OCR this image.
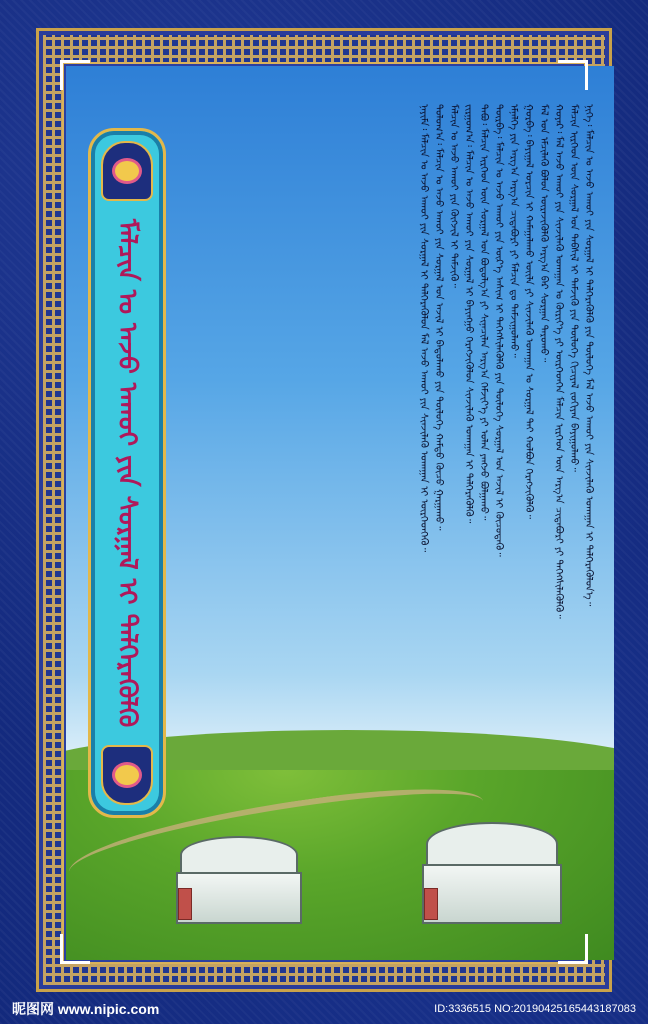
ᠮᠠᠯᠴᠢᠨ ᠤ ᠠᠵᠤ ᠠᠬᠤᠢ ᠶᠢᠨ ᠰᠤᠷᠭᠠᠯ ᠢ ᠳᠡᠯᠭᠡᠷᠡᠭᠦᠯᠬᠦ	ᠨᠢᠭᠡ᠄ ᠮᠠᠯᠴᠢᠨ ᠤ ᠠᠵᠤ ᠠᠬᠤᠢ ᠶᠢᠨ ᠰᠤᠷᠭᠠᠯ ᠢ ᠳᠡᠯᠭᠡᠷᠡᠭᠦᠯᠬᠦ ᠶᠢᠨ ᠲᠦᠯᠦᠭᠡ ᠮᠠᠯ ᠠᠵᠤ ᠠᠬᠤᠢ ᠶᠢᠨ ᠰᠢᠨᠵᠢᠯᠡᠬᠦ ᠤᠬᠠᠭᠠᠨ ᠢ ᠳᠡᠯᠭᠡᠷᠡᠭᠦᠯᠦᠨ᠎ᠡ᠃
ᠮᠠᠯᠴᠢᠨ ᠢᠷᠭᠡᠳ ᠦᠨ ᠰᠤᠷᠭᠠᠯ ᠤᠨ ᠳᠡᠪᠰᠢᠯ ᠢ ᠳᠡᠮᠵᠢᠬᠦ ᠶᠢᠨ ᠲᠦᠯᠦᠭᠡ ᠬᠢᠴᠢᠶᠡᠯ ᠵᠤᠬᠢᠶᠠᠨ ᠪᠠᠶᠢᠭᠤᠯᠬᠤ᠃
ᠬᠣᠶᠠᠷ᠄ ᠮᠠᠯ ᠠᠵᠤ ᠠᠬᠤᠢ ᠶᠢᠨ ᠰᠢᠨᠵᠢᠯᠡᠬᠦ ᠤᠬᠠᠭᠠᠨ ᠤ ᠬᠦᠷᠢᠶ᠎ᠡ ᠶᠢ ᠦᠷᠭᠡᠳᠬᠡᠨ ᠮᠠᠯᠴᠢᠨ ᠢᠷᠭᠡᠳ ᠦᠨ ᠠᠷᠭ᠎ᠠ ᠴᠢᠳᠠᠪᠤᠷᠢ ᠶᠢ ᠳᠡᠭᠡᠭᠰᠢᠯᠡᠭᠦᠯᠬᠦ᠃
ᠮᠠᠯ ᠤᠨ ᠡᠮᠴᠢᠯᠡᠬᠦ ᠪᠤᠯᠤᠨ ᠦᠷᠡᠵᠢᠭᠦᠯᠬᠦ ᠠᠷᠭ᠎ᠠ ᠪᠠᠷ ᠰᠤᠷᠭᠠᠨ ᠳᠠᠷᠤᠬᠤ᠃
ᠭᠤᠷᠪᠠ᠄ ᠪᠠᠶᠢᠭᠠᠯ ᠣᠷᠴᠢᠨ ᠢ ᠬᠠᠮᠠᠭᠠᠯᠠᠬᠤ ᠦᠢᠯᠡ ᠶᠢ ᠰᠢᠨᠵᠢᠯᠡᠬᠦ ᠤᠬᠠᠭᠠᠨ ᠤ ᠰᠤᠷᠭᠠᠯ ᠲᠠᠢ ᠬᠣᠯᠪᠤᠨ ᠬᠡᠷᠡᠭᠵᠢᠭᠦᠯᠬᠦ᠃
ᠡᠮᠨᠡᠯᠭᠡ ᠶᠢᠨ ᠠᠷᠭ᠎ᠠ ᠠᠷᠭ᠎ᠠ ᠴᠢᠳᠠᠪᠤᠷᠢ ᠶᠢ ᠮᠠᠯᠴᠢᠨ ᠳᠤ ᠳᠠᠮᠵᠢᠭᠤᠯᠬᠤ᠃
ᠳᠦᠷᠪᠡ᠄ ᠮᠠᠯᠴᠢᠨ ᠤ ᠠᠵᠤ ᠠᠬᠤᠢ ᠶᠢᠨ ᠦᠷ᠎ᠡ ᠠᠰᠢᠭ ᠢ ᠳᠡᠭᠡᠭᠰᠢᠯᠡᠭᠦᠯᠬᠦ ᠶᠢᠨ ᠲᠦᠯᠦᠭᠡ ᠰᠤᠷᠭᠠᠯ ᠤᠨ ᠠᠵᠢᠯ ᠢ ᠬᠦᠴᠦᠳᠡᠬᠦ᠃
ᠲᠠᠪᠤ᠄ ᠮᠠᠯᠴᠢᠨ ᠢᠷᠭᠡᠳ ᠦᠨ ᠰᠤᠷᠭᠠᠯ ᠤᠨ ᠪᠤᠳᠤᠯᠭ᠎ᠠ ᠶᠢ ᠰᠢᠨᠡᠴᠢᠯᠡᠨ ᠠᠷᠭ᠎ᠠ ᠬᠡᠮᠵᠢᠶ᠎ᠡ ᠶᠢ ᠣᠯᠠᠨ ᠶᠠᠩᠵᠤ ᠪᠣᠯᠭᠠᠬᠤ᠃
ᠵᠢᠷᠭᠤᠭ᠎ᠠ᠄ ᠮᠠᠯᠴᠢᠨ ᠤ ᠠᠵᠤ ᠠᠬᠤᠢ ᠶᠢᠨ ᠰᠤᠷᠭᠠᠯ ᠢ ᠪᠠᠶᠢᠩᠭᠤ ᠬᠡᠷᠡᠭᠵᠢᠭᠦᠯᠦᠨ ᠰᠢᠨᠵᠢᠯᠡᠬᠦ ᠤᠬᠠᠭᠠᠨ ᠢ ᠳᠡᠯᠭᠡᠷᠡᠭᠦᠯᠬᠦ᠃
ᠮᠠᠯᠴᠢᠨ ᠤ ᠠᠵᠤ ᠠᠬᠤᠢ ᠶᠢᠨ ᠬᠦᠭᠵᠢᠯ ᠢ ᠳᠡᠮᠵᠢᠬᠦ᠃
ᠳᠣᠯᠤᠭ᠎ᠠ᠄ ᠮᠠᠯᠴᠢᠨ ᠤ ᠠᠵᠤ ᠠᠬᠤᠢ ᠶᠢᠨ ᠰᠤᠷᠭᠠᠯ ᠤᠨ ᠠᠵᠢᠯ ᠢ ᠪᠠᠲᠤᠯᠠᠬᠤ ᠶᠢᠨ ᠲᠦᠯᠦᠭᠡ ᠬᠠᠮᠲᠤ ᠬᠦᠴᠦ ᠭᠠᠷᠭᠠᠬᠤ᠃
ᠨᠠᠶᠢᠮᠠ᠄ ᠮᠠᠯᠴᠢᠨ ᠤ ᠠᠵᠤ ᠠᠬᠤᠢ ᠶᠢᠨ ᠰᠤᠷᠭᠠᠯ ᠢ ᠳᠡᠯᠭᠡᠷᠡᠭᠦᠯᠦᠨ ᠮᠠᠯ ᠠᠵᠤ ᠠᠬᠤᠢ ᠶᠢᠨ ᠰᠢᠨᠵᠢᠯᠡᠬᠦ ᠤᠬᠠᠭᠠᠨ ᠢ ᠦᠷᠭᠡᠳᠬᠡᠬᠦ᠃
昵图网 www.nipic.com	ID:3336515 NO:20190425165443187083
